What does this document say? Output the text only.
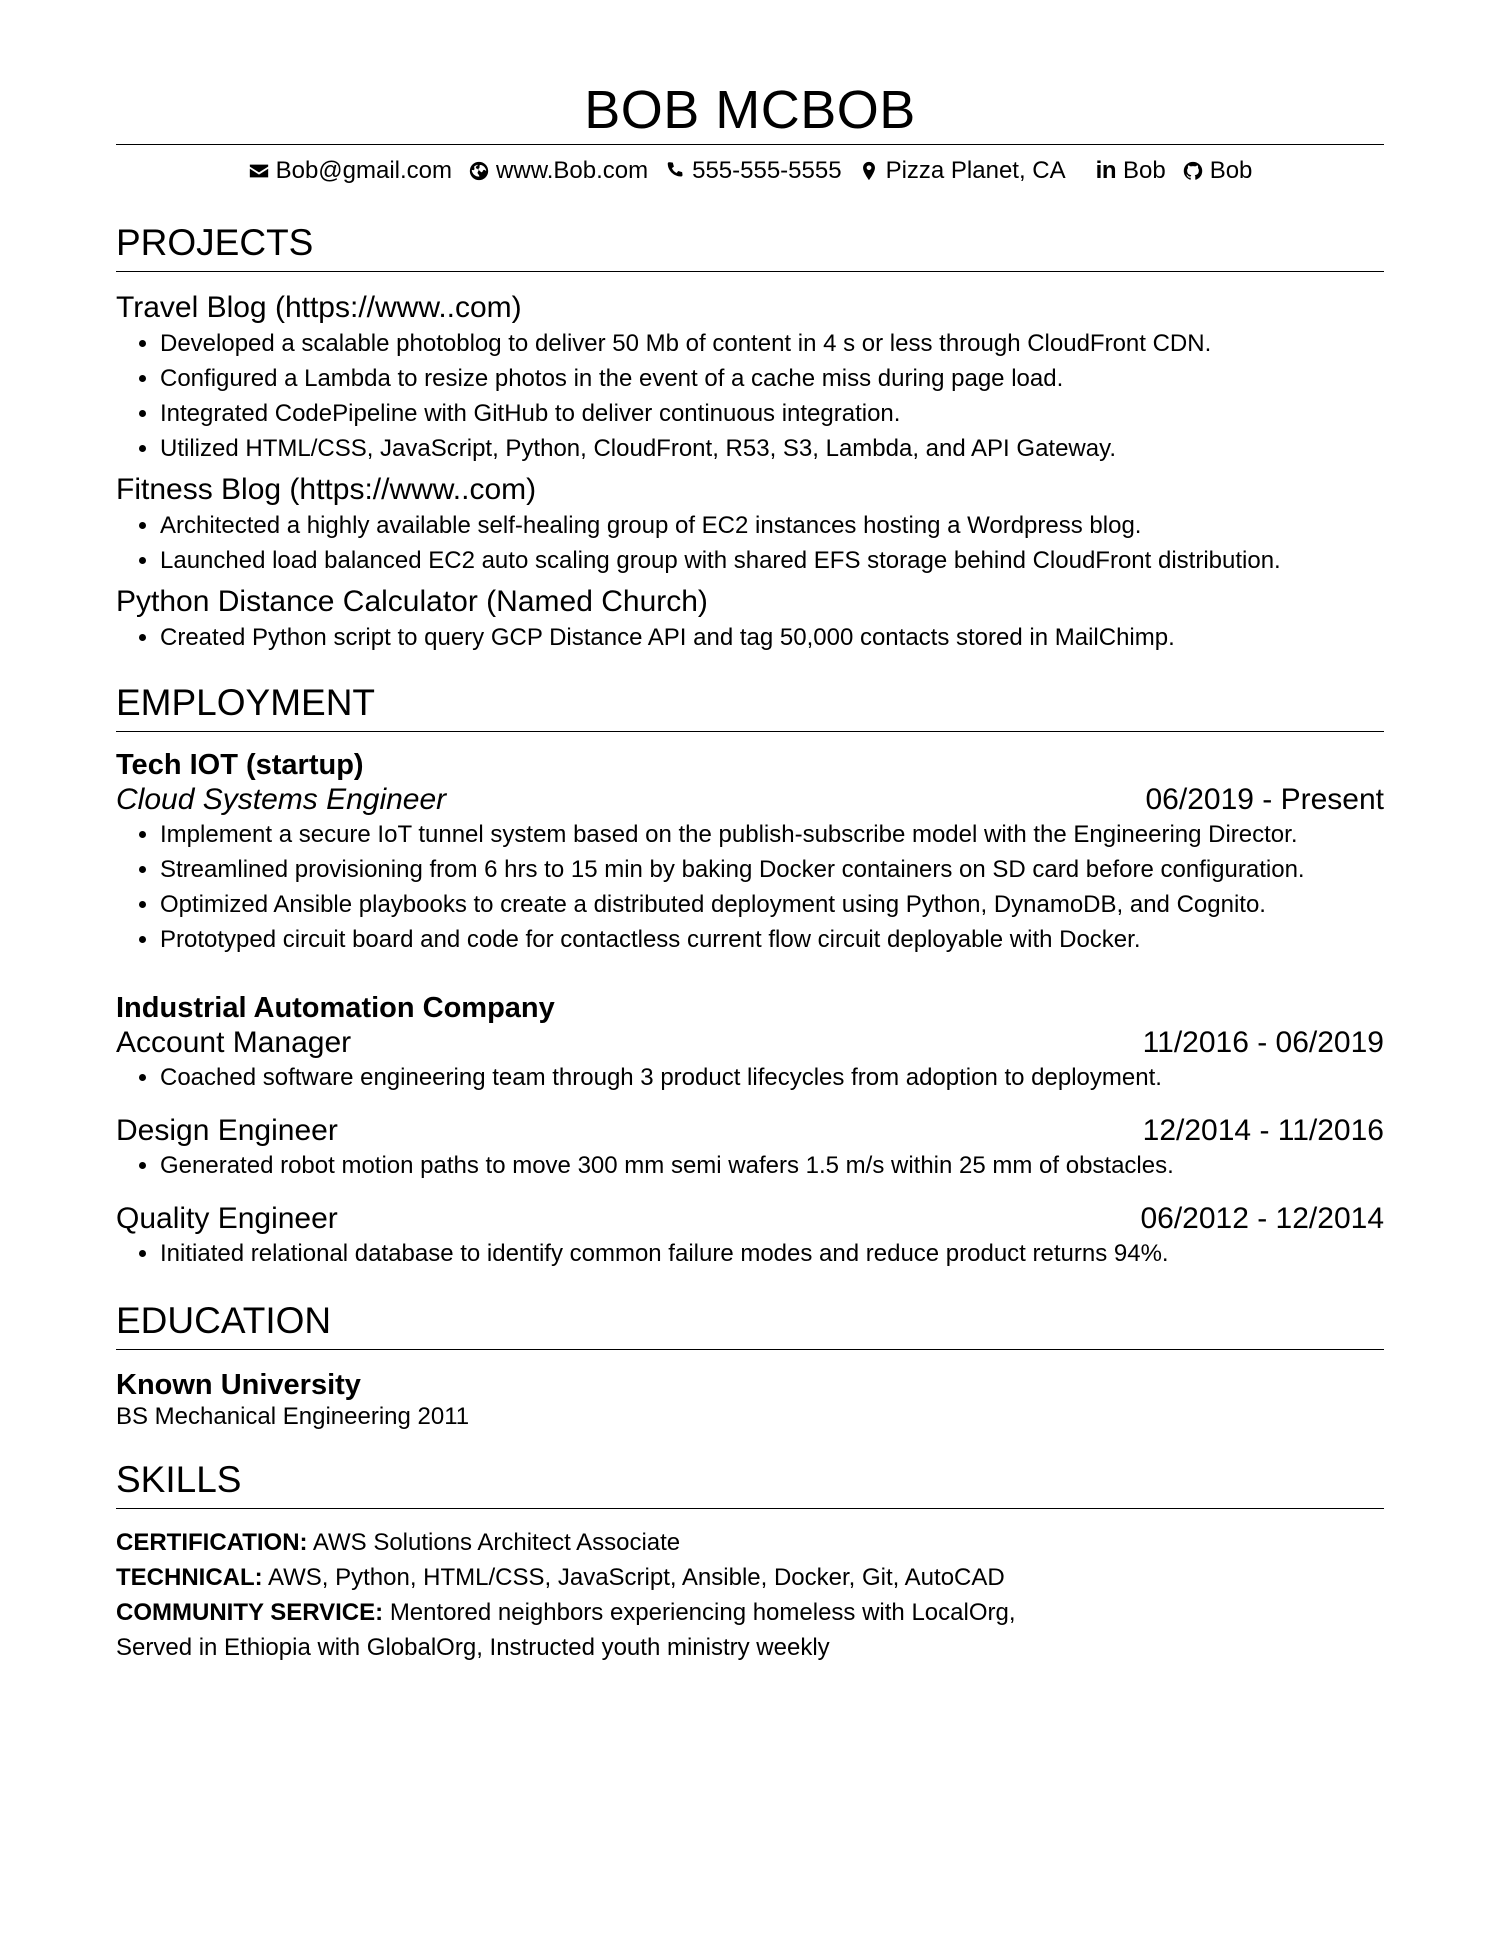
BOB MCBOB
Bob@gmail.com www.Bob.com 555-555-5555 Pizza Planet, CA in Bob Bob
PROJECTS
Travel Blog (https://www..com)
• Developed a scalable photoblog to deliver 50 Mb of content in 4 s or less through CloudFront CDN.
• Configured a Lambda to resize photos in the event of a cache miss during page load.
• Integrated CodePipeline with GitHub to deliver continuous integration.
• Utilized HTML/CSS, JavaScript, Python, CloudFront, R53, S3, Lambda, and API Gateway.
Fitness Blog (https://www..com)
• Architected a highly available self-healing group of EC2 instances hosting a Wordpress blog.
• Launched load balanced EC2 auto scaling group with shared EFS storage behind CloudFront distribution.
Python Distance Calculator (Named Church)
• Created Python script to query GCP Distance API and tag 50,000 contacts stored in MailChimp.
EMPLOYMENT
Tech IOT (startup)
Cloud Systems Engineer	06/2019 - Present
• Implement a secure IoT tunnel system based on the publish-subscribe model with the Engineering Director.
• Streamlined provisioning from 6 hrs to 15 min by baking Docker containers on SD card before configuration.
• Optimized Ansible playbooks to create a distributed deployment using Python, DynamoDB, and Cognito.
• Prototyped circuit board and code for contactless current flow circuit deployable with Docker.
Industrial Automation Company
Account Manager	11/2016 - 06/2019
• Coached software engineering team through 3 product lifecycles from adoption to deployment.
Design Engineer	12/2014 - 11/2016
• Generated robot motion paths to move 300 mm semi wafers 1.5 m/s within 25 mm of obstacles.
Quality Engineer	06/2012 - 12/2014
• Initiated relational database to identify common failure modes and reduce product returns 94%.
EDUCATION
Known University
BS Mechanical Engineering 2011
SKILLS
CERTIFICATION: AWS Solutions Architect Associate
TECHNICAL: AWS, Python, HTML/CSS, JavaScript, Ansible, Docker, Git, AutoCAD
COMMUNITY SERVICE: Mentored neighbors experiencing homeless with LocalOrg,
Served in Ethiopia with GlobalOrg, Instructed youth ministry weekly
